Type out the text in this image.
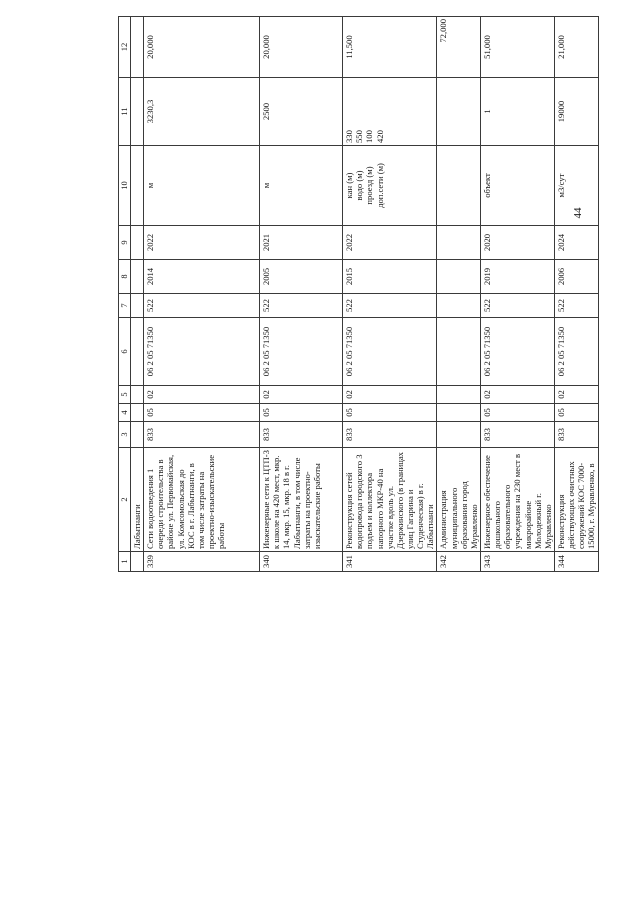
44
1	2	3	4	5	6	7	8	9	10	11	12
	Лабытнанги										
339	Сети водоотведения 1 очереди строительства в районе ул. Первомайская, ул. Комсомольская до КОС в г. Лабытнанги, в том числе затраты на проектно-изыскательские работы	833	05	02	06 2 05 71350	522	2014	2022	м	3230,3	20,000
340	Инженерные сети к ЦТП-3 к школе на 420 мест, мкр. 14, мкр. 15, мкр. 18 в г. Лабытнанги, в том числе затраты на проектно-изыскательские работы	833	05	02	06 2 05 71350	522	2005	2021	м	2500	20,000
341	Реконструкция сетей водопровода городского 3 подъем и коллектора напорного МКР-40 на участке вдоль ул. Дзержинского (в границах улиц Гагарина и Студенческая) в г. Лабытнанги	833	05	02	06 2 05 71350	522	2015	2022	кан (м) водо (м) проезд (м) доп.сети (м)	330 550 100 420	11,500
342	Администрация муниципального образования город Муравленко										72,000
343	Инженерное обеспечение дошкольного образовательного учреждения на 230 мест в микрорайоне Молодежный г. Муравленко	833	05	02	06 2 05 71350	522	2019	2020	объект	1	51,000
344	Реконструкция действующих очистных сооружений КОС 7000-15000, г. Муравленко, в	833	05	02	06 2 05 71350	522	2006	2024	м3/сут	19000	21,000
